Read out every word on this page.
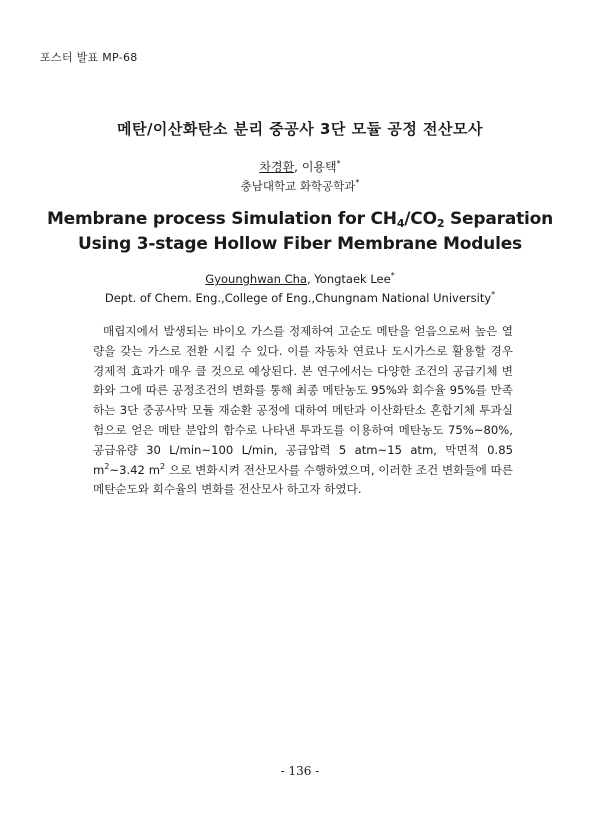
포스터 발표 MP-68
메탄/이산화탄소 분리 중공사 3단 모듈 공정 전산모사
차경환, 이용택*
충남대학교 화학공학과*
Membrane process Simulation for $CH_4/CO_2$ Separation
Using 3-stage Hollow Fiber Membrane Modules
Gyounghwan Cha, Yongtaek Lee*
Dept. of Chem. Eng.,College of Eng.,Chungnam National University*

매립지에서 발생되는 바이오 가스를 정제하여 고순도 메탄을 얻음으로써 높은 열량을 갖는 가스로 전환 시킬 수 있다. 이를 자동차 연료나 도시가스로 활용할 경우 경제적 효과가 매우 클 것으로 예상된다. 본 연구에서는 다양한 조건의 공급기체 변화와 그에 따른 공정조건의 변화를 통해 최종 메탄농도 95%와 회수율 95%를 만족하는 3단 중공사막 모듈 재순환 공정에 대하여 메탄과 이산화탄소 혼합기체 투과실험으로 얻은 메탄 분압의 함수로 나타낸 투과도를 이용하여 메탄농도 75%~80%, 공급유량 30 L/min~100 L/min, 공급압력 5 atm~15 atm, 막면적 0.85 $m^2\sim 3.42$ $m^2$ 으로 변화시켜 전산모사를 수행하였으며, 이러한 조건 변화들에 따른 메탄순도와 회수율의 변화를 전산모사 하고자 하였다.

- 136 -
